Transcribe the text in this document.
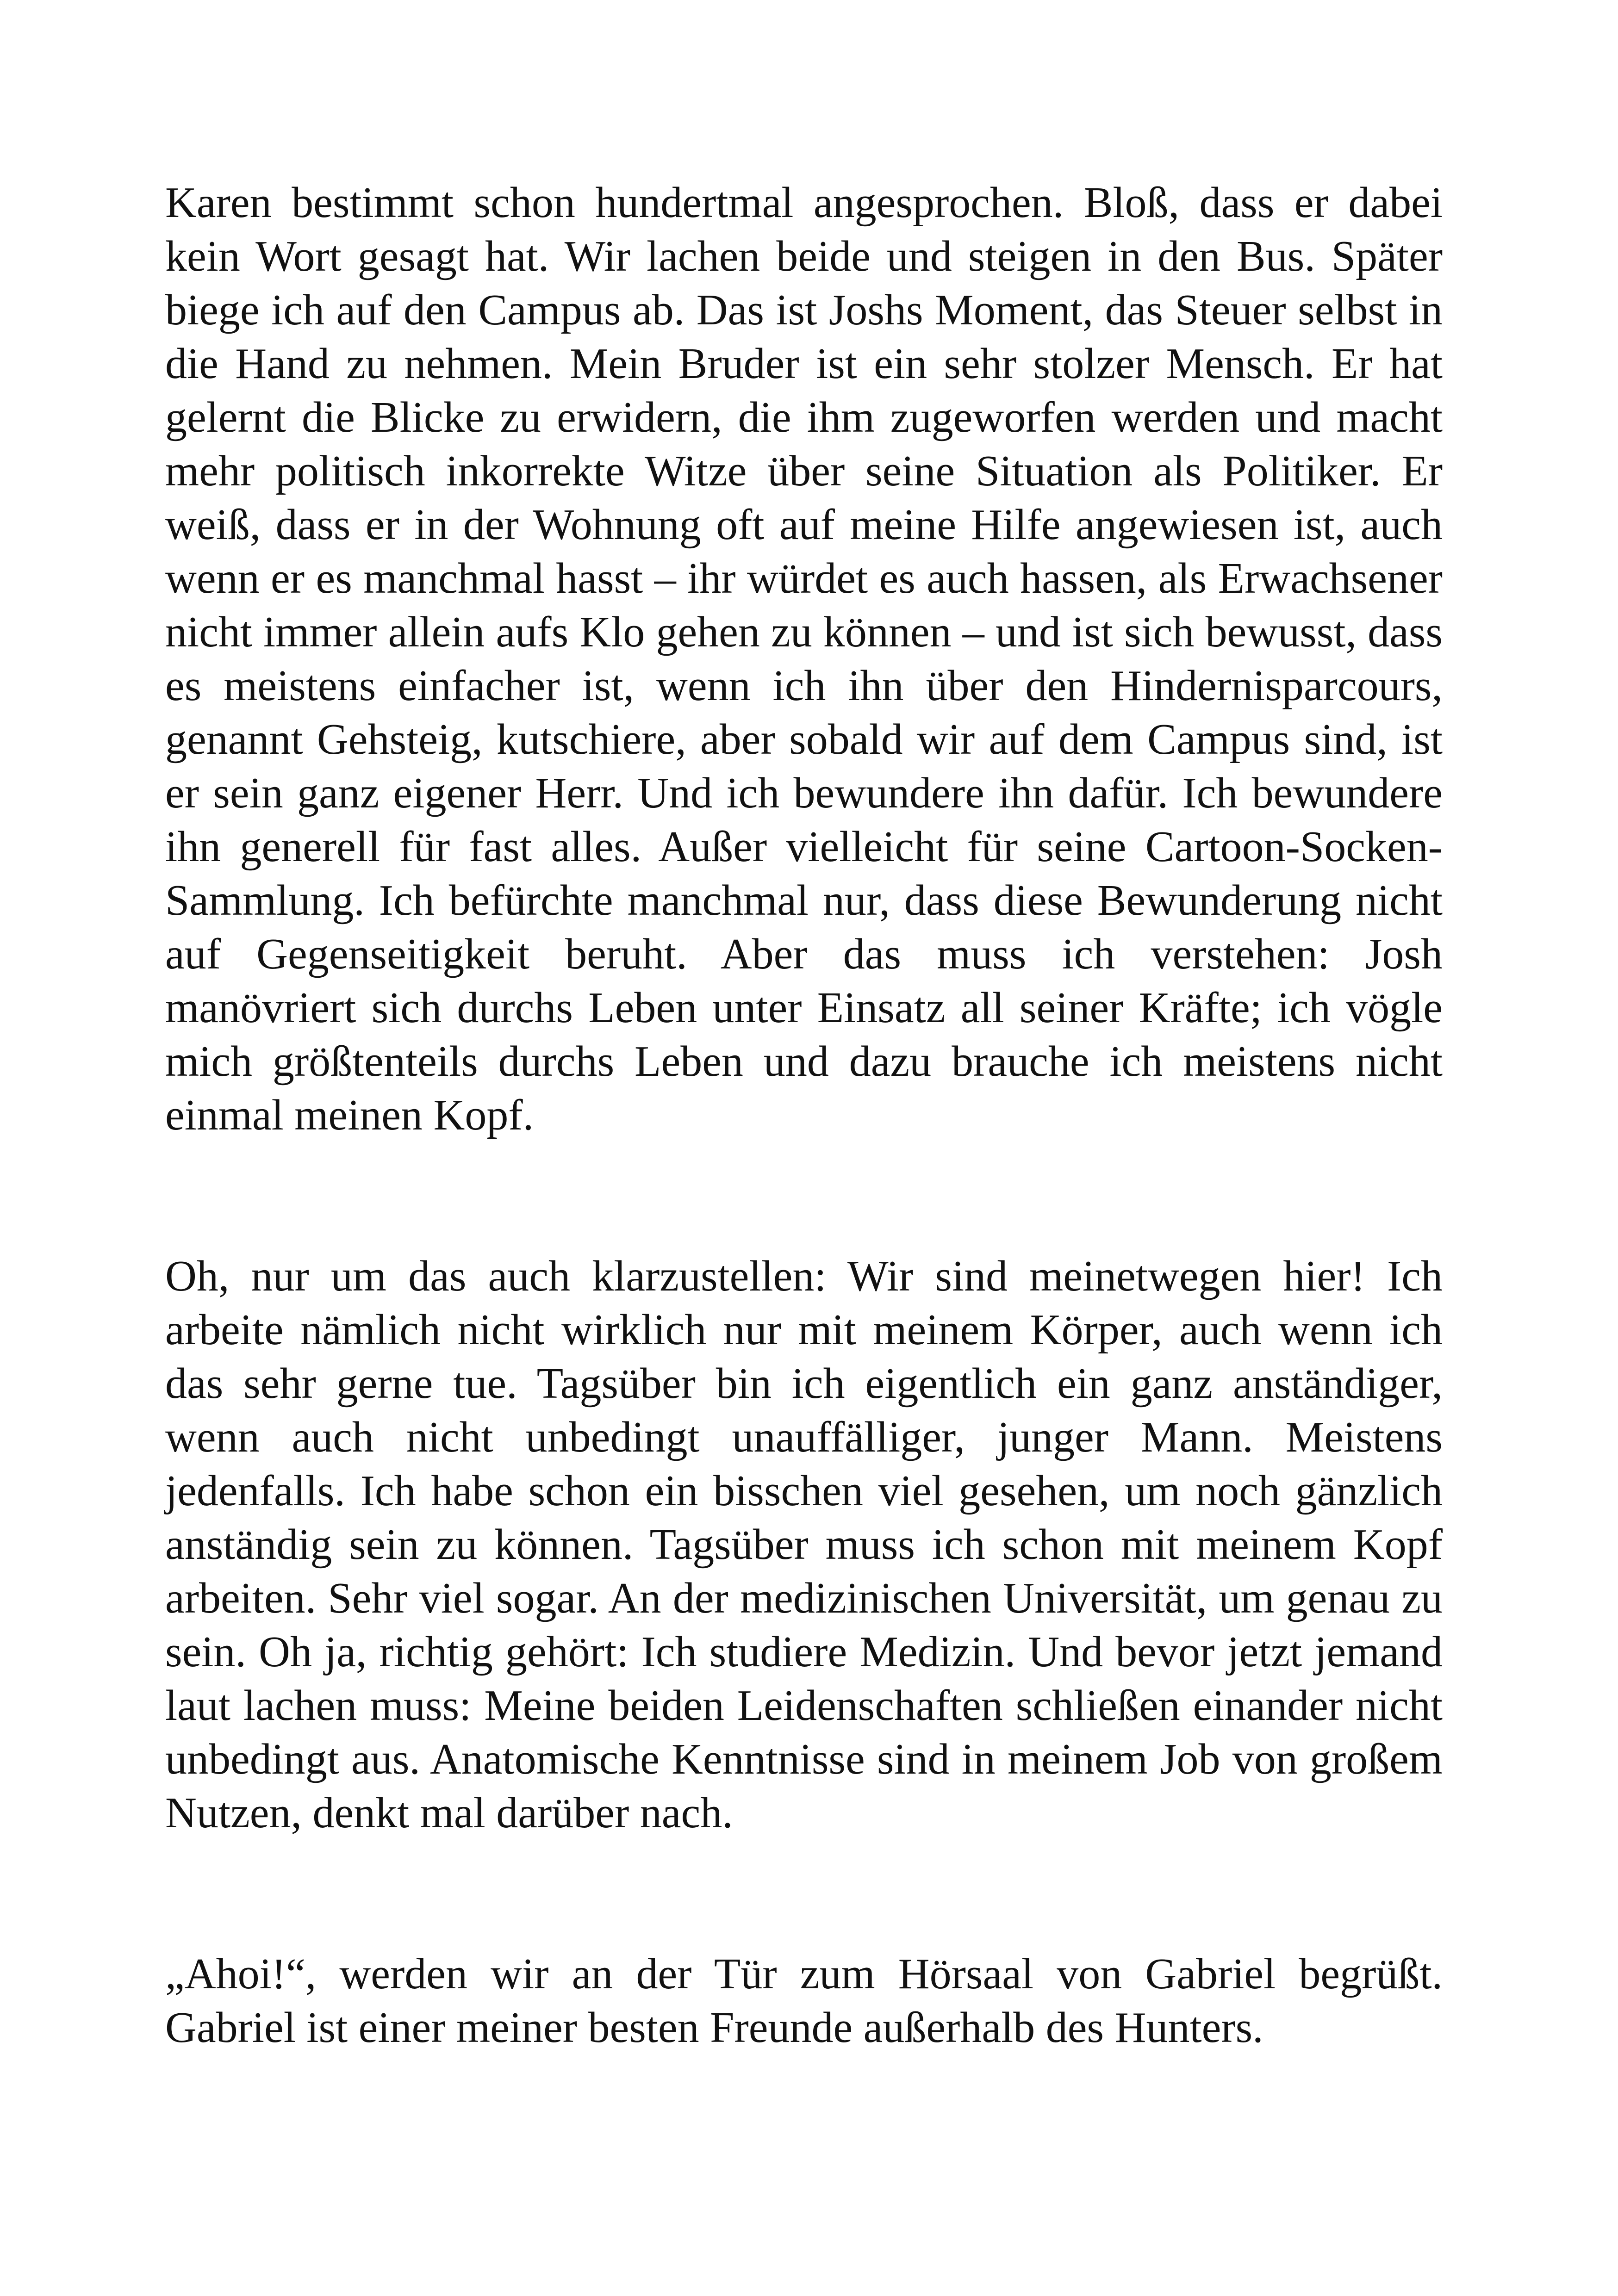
Karen bestimmt schon hundertmal angesprochen. Bloß, dass er dabei kein Wort gesagt hat. Wir lachen beide und steigen in den Bus. Später biege ich auf den Campus ab. Das ist Joshs Moment, das Steuer selbst in die Hand zu nehmen. Mein Bruder ist ein sehr stolzer Mensch. Er hat gelernt die Blicke zu erwidern, die ihm zugeworfen werden und macht mehr politisch inkorrekte Witze über seine Situation als Politiker. Er weiß, dass er in der Wohnung oft auf meine Hilfe angewiesen ist, auch wenn er es manchmal hasst – ihr würdet es auch hassen, als Erwachsener nicht immer allein aufs Klo gehen zu können – und ist sich bewusst, dass es meistens einfacher ist, wenn ich ihn über den Hindernisparcours, genannt Gehsteig, kutschiere, aber sobald wir auf dem Campus sind, ist er sein ganz eigener Herr. Und ich bewundere ihn dafür. Ich bewundere ihn generell für fast alles. Außer vielleicht für seine Cartoon-Socken-Sammlung. Ich befürchte manchmal nur, dass diese Bewunderung nicht auf Gegenseitigkeit beruht. Aber das muss ich verstehen: Josh manövriert sich durchs Leben unter Einsatz all seiner Kräfte; ich vögle mich größtenteils durchs Leben und dazu brauche ich meistens nicht einmal meinen Kopf.

Oh, nur um das auch klarzustellen: Wir sind meinetwegen hier! Ich arbeite nämlich nicht wirklich nur mit meinem Körper, auch wenn ich das sehr gerne tue. Tagsüber bin ich eigentlich ein ganz anständiger, wenn auch nicht unbedingt unauffälliger, junger Mann. Meistens jedenfalls. Ich habe schon ein bisschen viel gesehen, um noch gänzlich anständig sein zu können. Tagsüber muss ich schon mit meinem Kopf arbeiten. Sehr viel sogar. An der medizinischen Universität, um genau zu sein. Oh ja, richtig gehört: Ich studiere Medizin. Und bevor jetzt jemand laut lachen muss: Meine beiden Leidenschaften schließen einander nicht unbedingt aus. Anatomische Kenntnisse sind in meinem Job von großem Nutzen, denkt mal darüber nach.

„Ahoi!“, werden wir an der Tür zum Hörsaal von Gabriel begrüßt. Gabriel ist einer meiner besten Freunde außerhalb des Hunters.
